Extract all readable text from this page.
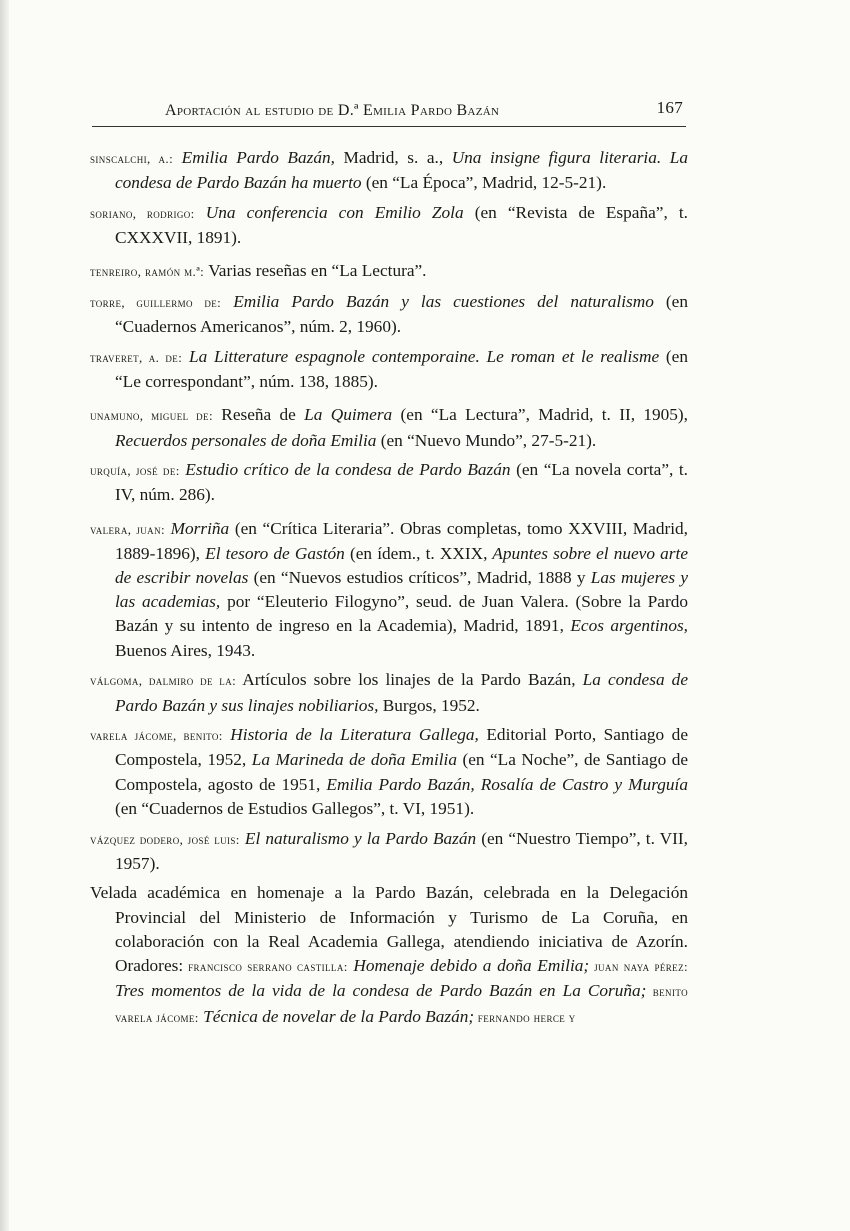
Aportación al estudio de D.ª Emilia Pardo Bazán	167

sinscalchi, a.: Emilia Pardo Bazán, Madrid, s. a., Una insigne figura literaria. La condesa de Pardo Bazán ha muerto (en “La Época”, Madrid, 12-5-21).

soriano, rodrigo: Una conferencia con Emilio Zola (en “Revista de España”, t. CXXXVII, 1891).

tenreiro, ramón m.ª: Varias reseñas en “La Lectura”.

torre, guillermo de: Emilia Pardo Bazán y las cuestiones del naturalismo (en “Cuadernos Americanos”, núm. 2, 1960).

traveret, a. de: La Litterature espagnole contemporaine. Le roman et le realisme (en “Le correspondant”, núm. 138, 1885).

unamuno, miguel de: Reseña de La Quimera (en “La Lectura”, Madrid, t. II, 1905), Recuerdos personales de doña Emilia (en “Nuevo Mundo”, 27-5-21).

urquía, josé de: Estudio crítico de la condesa de Pardo Bazán (en “La novela corta”, t. IV, núm. 286).

valera, juan: Morriña (en “Crítica Literaria”. Obras completas, tomo XXVIII, Madrid, 1889-1896), El tesoro de Gastón (en ídem., t. XXIX, Apuntes sobre el nuevo arte de escribir novelas (en “Nuevos estudios críticos”, Madrid, 1888 y Las mujeres y las academias, por “Eleuterio Filogyno”, seud. de Juan Valera. (Sobre la Pardo Bazán y su intento de ingreso en la Academia), Madrid, 1891, Ecos argentinos, Buenos Aires, 1943.

válgoma, dalmiro de la: Artículos sobre los linajes de la Pardo Bazán, La condesa de Pardo Bazán y sus linajes nobiliarios, Burgos, 1952.

varela jácome, benito: Historia de la Literatura Gallega, Editorial Porto, Santiago de Compostela, 1952, La Marineda de doña Emilia (en “La Noche”, de Santiago de Compostela, agosto de 1951, Emilia Pardo Bazán, Rosalía de Castro y Murguía (en “Cuadernos de Estudios Gallegos”, t. VI, 1951).

vázquez dodero, josé luis: El naturalismo y la Pardo Bazán (en “Nuestro Tiempo”, t. VII, 1957).

Velada académica en homenaje a la Pardo Bazán, celebrada en la Delegación Provincial del Ministerio de Información y Turismo de La Coruña, en colaboración con la Real Academia Gallega, atendiendo iniciativa de Azorín. Oradores: francisco serrano castilla: Homenaje debido a doña Emilia; juan naya pérez: Tres momentos de la vida de la condesa de Pardo Bazán en La Coruña; benito varela jácome: Técnica de novelar de la Pardo Bazán; fernando herce y
